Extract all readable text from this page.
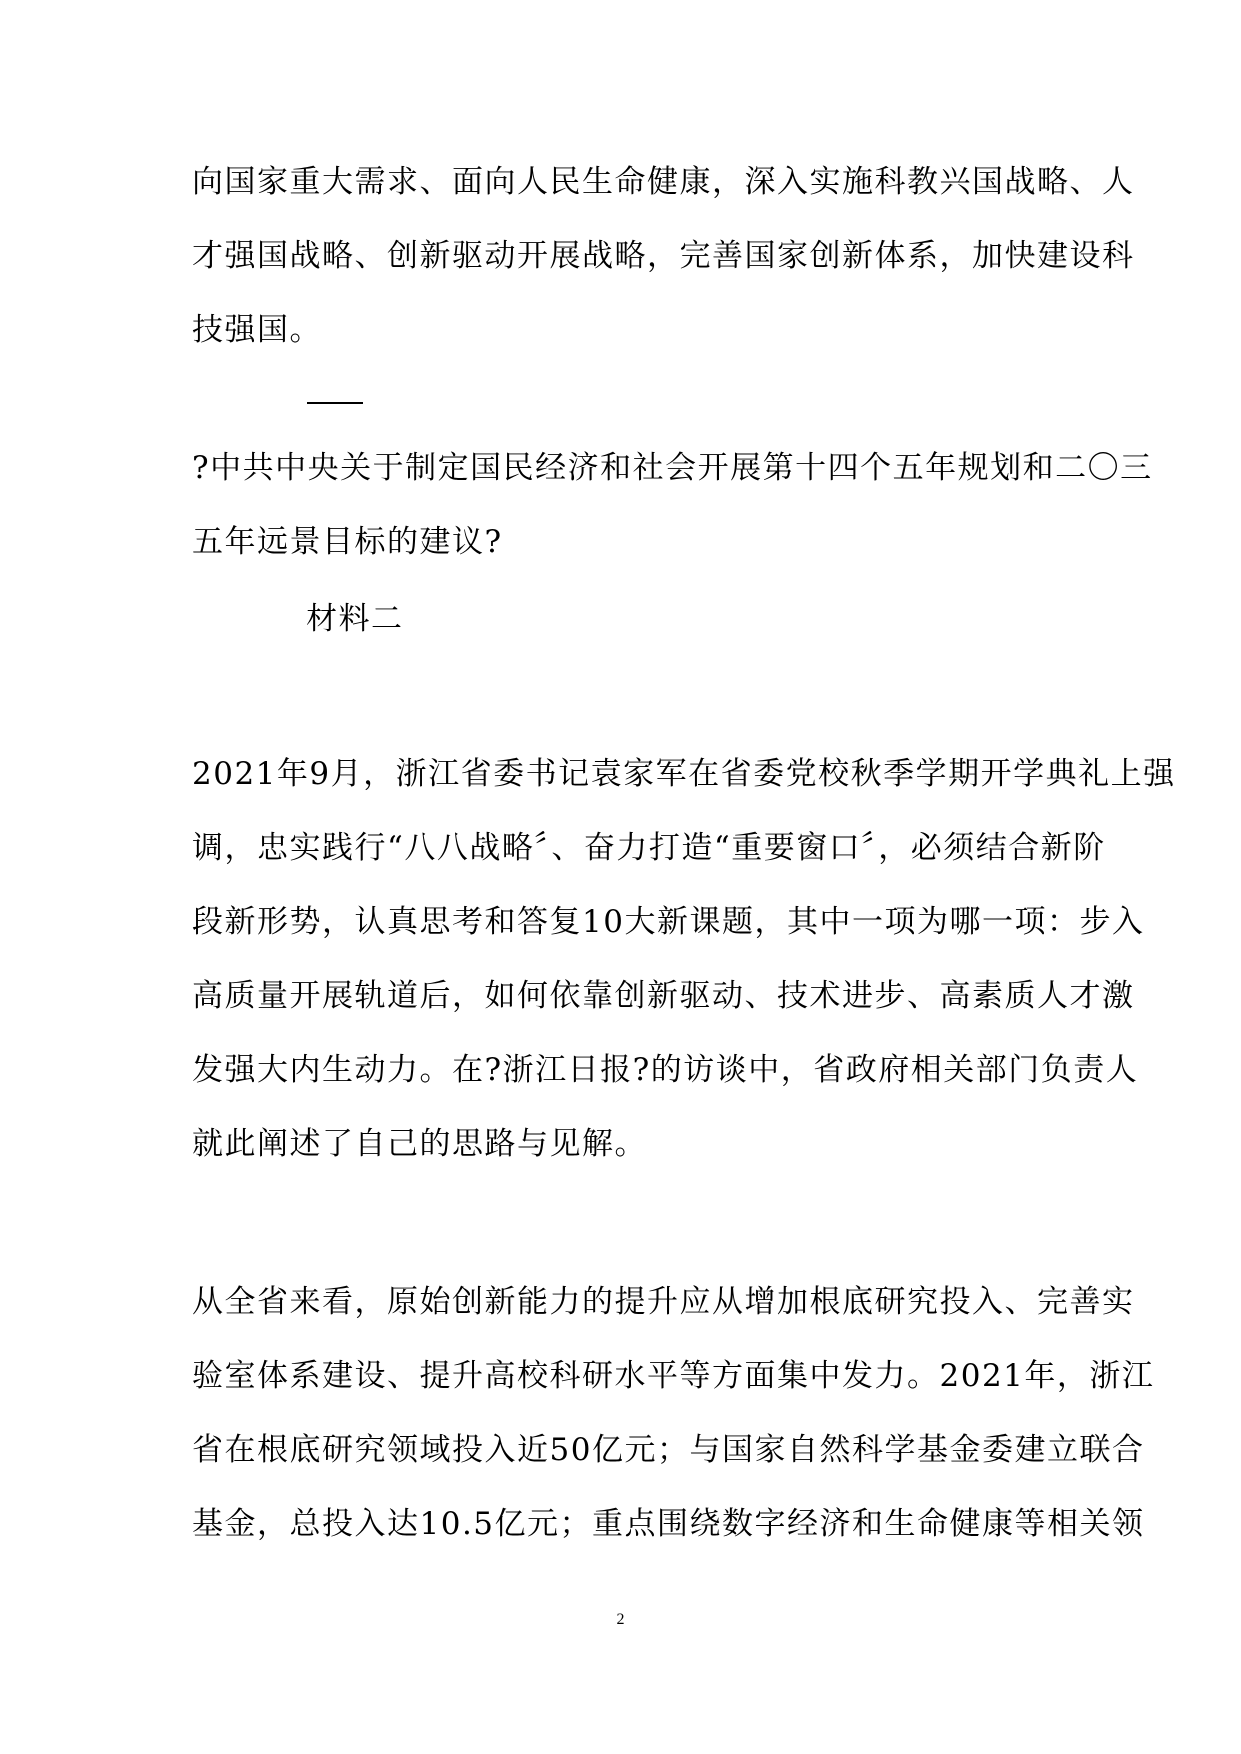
向国家重大需求、面向人民生命健康，深入实施科教兴国战略、人
才强国战略、创新驱动开展战略，完善国家创新体系，加快建设科
技强国。
?中共中央关于制定国民经济和社会开展第十四个五年规划和二〇三
五年远景目标的建议?
材料二
2021年9月，浙江省委书记袁家军在省委党校秋季学期开学典礼上强
调，忠实践行“八八战略〞、奋力打造“重要窗口〞，必须结合新阶
段新形势，认真思考和答复10大新课题，其中一项为哪一项：步入
高质量开展轨道后，如何依靠创新驱动、技术进步、高素质人才激
发强大内生动力。在?浙江日报?的访谈中，省政府相关部门负责人
就此阐述了自己的思路与见解。
从全省来看，原始创新能力的提升应从增加根底研究投入、完善实
验室体系建设、提升高校科研水平等方面集中发力。2021年，浙江
省在根底研究领域投入近50亿元；与国家自然科学基金委建立联合
基金，总投入达10.5亿元；重点围绕数字经济和生命健康等相关领
2
